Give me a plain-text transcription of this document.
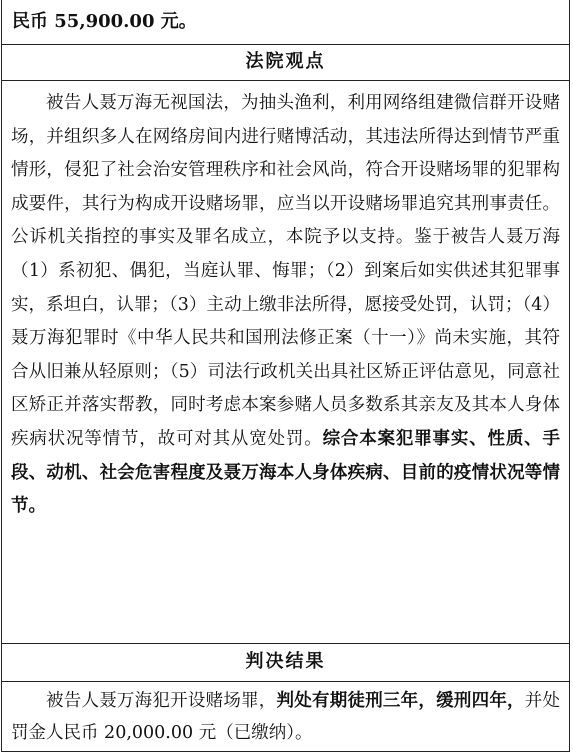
民币 55,900.00 元。
法院观点
被告人聂万海无视国法，为抽头渔利，利用网络组建微信群开设赌场，并组织多人在网络房间内进行赌博活动，其违法所得达到情节严重情形，侵犯了社会治安管理秩序和社会风尚，符合开设赌场罪的犯罪构成要件，其行为构成开设赌场罪，应当以开设赌场罪追究其刑事责任。公诉机关指控的事实及罪名成立，本院予以支持。鉴于被告人聂万海（1）系初犯、偶犯，当庭认罪、悔罪；（2）到案后如实供述其犯罪事实，系坦白，认罪；（3）主动上缴非法所得，愿接受处罚，认罚；（4）聂万海犯罪时《中华人民共和国刑法修正案（十一）》尚未实施，其符合从旧兼从轻原则；（5）司法行政机关出具社区矫正评估意见，同意社区矫正并落实帮教，同时考虑本案参赌人员多数系其亲友及其本人身体疾病状况等情节，故可对其从宽处罚。综合本案犯罪事实、性质、手段、动机、社会危害程度及聂万海本人身体疾病、目前的疫情状况等情节。
判决结果
被告人聂万海犯开设赌场罪，判处有期徒刑三年，缓刑四年，并处罚金人民币 20,000.00 元（已缴纳）。
